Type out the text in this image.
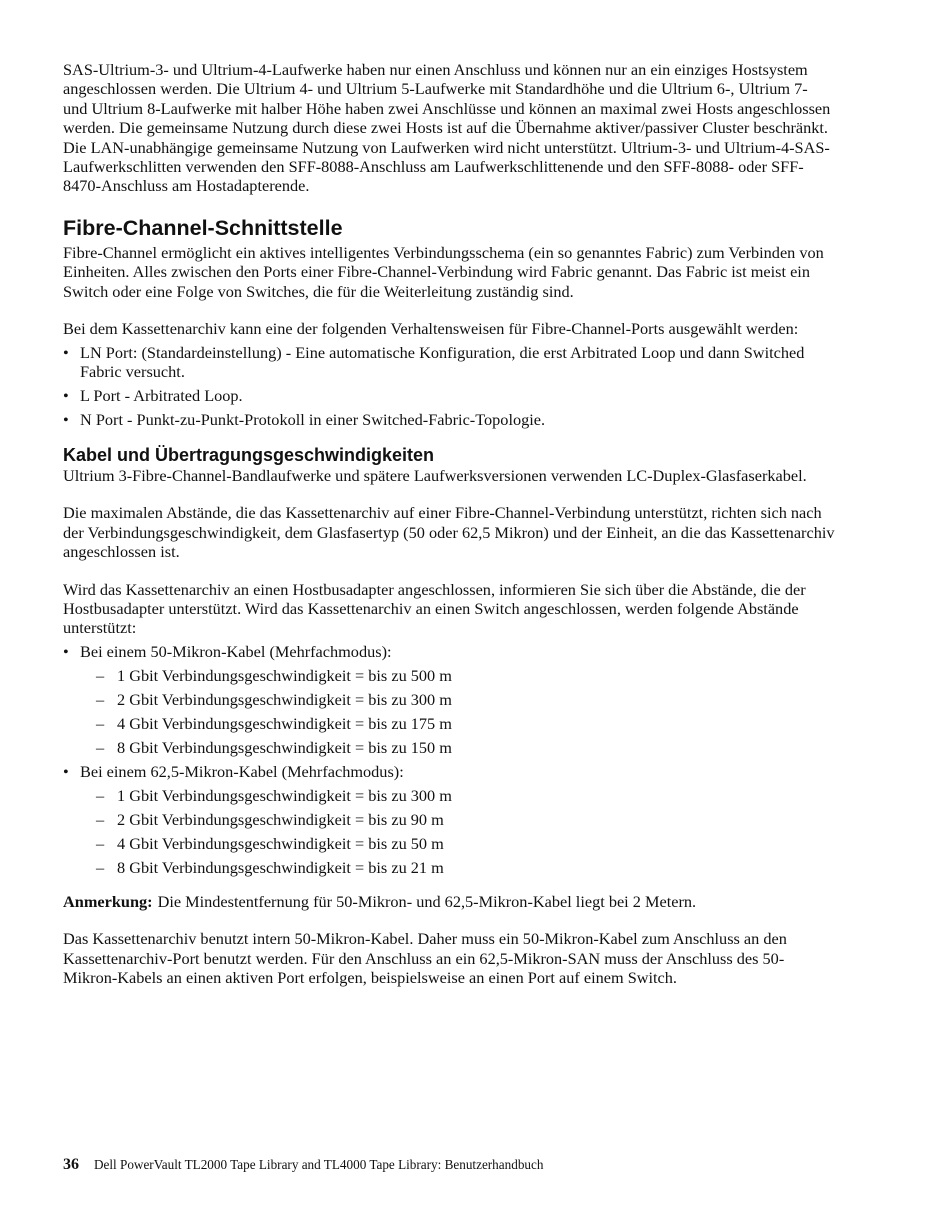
SAS-Ultrium-3- und Ultrium-4-Laufwerke haben nur einen Anschluss und können nur an ein einziges Hostsystem angeschlossen werden. Die Ultrium 4- und Ultrium 5-Laufwerke mit Standardhöhe und die Ultrium 6-, Ultrium 7- und Ultrium 8-Laufwerke mit halber Höhe haben zwei Anschlüsse und können an maximal zwei Hosts angeschlossen werden. Die gemeinsame Nutzung durch diese zwei Hosts ist auf die Übernahme aktiver/passiver Cluster beschränkt. Die LAN-unabhängige gemeinsame Nutzung von Laufwerken wird nicht unterstützt. Ultrium-3- und Ultrium-4-SAS-Laufwerkschlitten verwenden den SFF-8088-Anschluss am Laufwerkschlittenende und den SFF-8088- oder SFF-8470-Anschluss am Hostadapterende.

Fibre-Channel-Schnittstelle

Fibre-Channel ermöglicht ein aktives intelligentes Verbindungsschema (ein so genanntes Fabric) zum Verbinden von Einheiten. Alles zwischen den Ports einer Fibre-Channel-Verbindung wird Fabric genannt. Das Fabric ist meist ein Switch oder eine Folge von Switches, die für die Weiterleitung zuständig sind.

Bei dem Kassettenarchiv kann eine der folgenden Verhaltensweisen für Fibre-Channel-Ports ausgewählt werden:

• LN Port: (Standardeinstellung) - Eine automatische Konfiguration, die erst Arbitrated Loop und dann Switched Fabric versucht.
• L Port - Arbitrated Loop.
• N Port - Punkt-zu-Punkt-Protokoll in einer Switched-Fabric-Topologie.
Kabel und Übertragungsgeschwindigkeiten

Ultrium 3-Fibre-Channel-Bandlaufwerke und spätere Laufwerksversionen verwenden LC-Duplex-Glasfaserkabel.

Die maximalen Abstände, die das Kassettenarchiv auf einer Fibre-Channel-Verbindung unterstützt, richten sich nach der Verbindungsgeschwindigkeit, dem Glasfasertyp (50 oder 62,5 Mikron) und der Einheit, an die das Kassettenarchiv angeschlossen ist.

Wird das Kassettenarchiv an einen Hostbusadapter angeschlossen, informieren Sie sich über die Abstände, die der Hostbusadapter unterstützt. Wird das Kassettenarchiv an einen Switch angeschlossen, werden folgende Abstände unterstützt:

• Bei einem 50-Mikron-Kabel (Mehrfachmodus):
– 1 Gbit Verbindungsgeschwindigkeit = bis zu 500 m
– 2 Gbit Verbindungsgeschwindigkeit = bis zu 300 m
– 4 Gbit Verbindungsgeschwindigkeit = bis zu 175 m
– 8 Gbit Verbindungsgeschwindigkeit = bis zu 150 m
• Bei einem 62,5-Mikron-Kabel (Mehrfachmodus):
– 1 Gbit Verbindungsgeschwindigkeit = bis zu 300 m
– 2 Gbit Verbindungsgeschwindigkeit = bis zu 90 m
– 4 Gbit Verbindungsgeschwindigkeit = bis zu 50 m
– 8 Gbit Verbindungsgeschwindigkeit = bis zu 21 m

Anmerkung: Die Mindestentfernung für 50-Mikron- und 62,5-Mikron-Kabel liegt bei 2 Metern.

Das Kassettenarchiv benutzt intern 50-Mikron-Kabel. Daher muss ein 50-Mikron-Kabel zum Anschluss an den Kassettenarchiv-Port benutzt werden. Für den Anschluss an ein 62,5-Mikron-SAN muss der Anschluss des 50-Mikron-Kabels an einen aktiven Port erfolgen, beispielsweise an einen Port auf einem Switch.

36 Dell PowerVault TL2000 Tape Library and TL4000 Tape Library: Benutzerhandbuch
